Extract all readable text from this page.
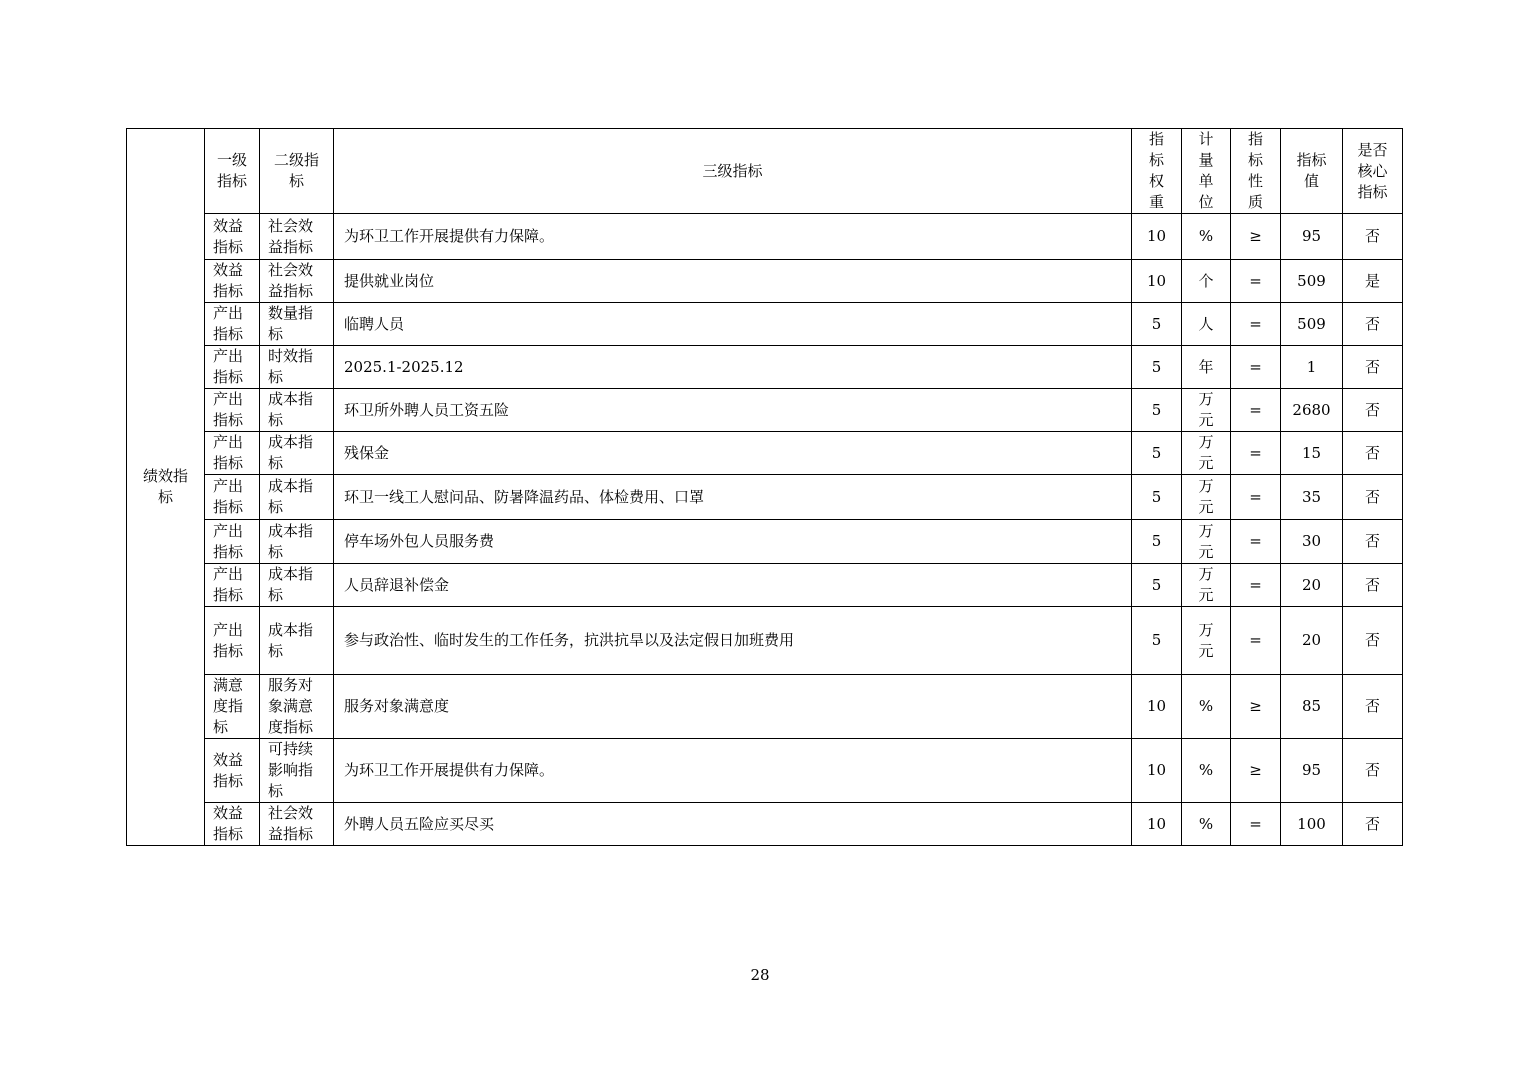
绩效指标	一级指标	二级指标	三级指标	指标权重	计量单位	指标性质	指标值	是否核心指标
	效益指标	社会效益指标	为环卫工作开展提供有力保障。	10	%	≥	95	否
	效益指标	社会效益指标	提供就业岗位	10	个	=	509	是
	产出指标	数量指标	临聘人员	5	人	=	509	否
	产出指标	时效指标	2025.1-2025.12	5	年	=	1	否
	产出指标	成本指标	环卫所外聘人员工资五险	5	万元	=	2680	否
	产出指标	成本指标	残保金	5	万元	=	15	否
	产出指标	成本指标	环卫一线工人慰问品、防暑降温药品、体检费用、口罩	5	万元	=	35	否
	产出指标	成本指标	停车场外包人员服务费	5	万元	=	30	否
	产出指标	成本指标	人员辞退补偿金	5	万元	=	20	否
	产出指标	成本指标	参与政治性、临时发生的工作任务，抗洪抗旱以及法定假日加班费用	5	万元	=	20	否
	满意度指标	服务对象满意度指标	服务对象满意度	10	%	≥	85	否
	效益指标	可持续影响指标	为环卫工作开展提供有力保障。	10	%	≥	95	否
	效益指标	社会效益指标	外聘人员五险应买尽买	10	%	=	100	否
28
